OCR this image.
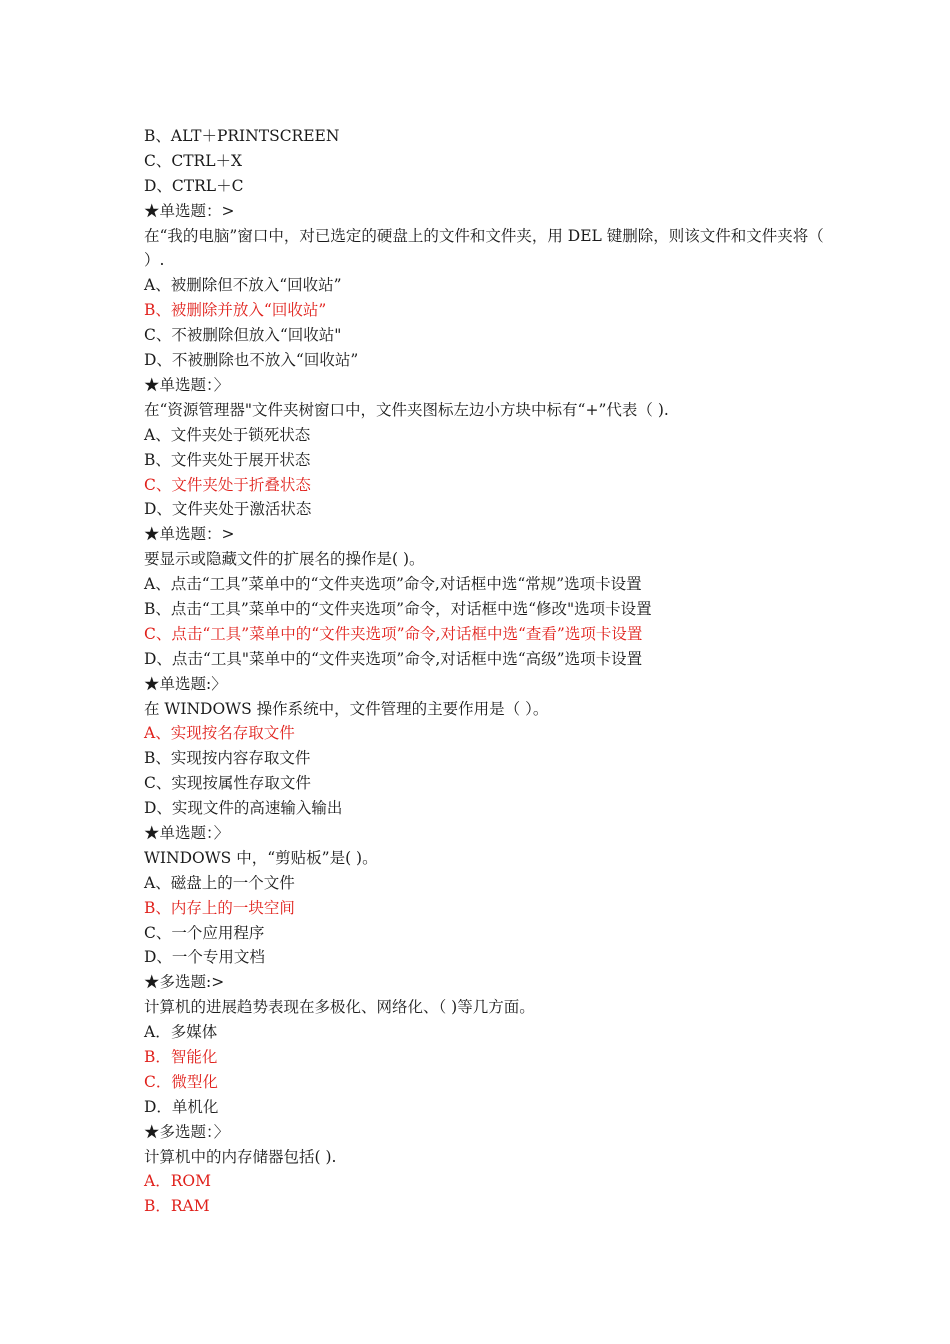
B、ALT＋PRINTSCREEN
C、CTRL＋X
D、CTRL＋C
★单选题：>
在“我的电脑”窗口中，对已选定的硬盘上的文件和文件夹，用 DEL 键删除，则该文件和文件夹将（ ）.
A、被删除但不放入“回收站”
B、被删除并放入“回收站”
C、不被删除但放入“回收站"
D、不被删除也不放入“回收站”
★单选题：〉
在“资源管理器"文件夹树窗口中，文件夹图标左边小方块中标有“+”代表（ ).
A、文件夹处于锁死状态
B、文件夹处于展开状态
C、文件夹处于折叠状态
D、文件夹处于激活状态
★单选题：>
要显示或隐藏文件的扩展名的操作是( )。
A、点击“工具”菜单中的“文件夹选项”命令,对话框中选“常规”选项卡设置
B、点击“工具”菜单中的“文件夹选项”命令，对话框中选“修改"选项卡设置
C、点击“工具”菜单中的“文件夹选项”命令,对话框中选“查看”选项卡设置
D、点击“工具"菜单中的“文件夹选项”命令,对话框中选“高级”选项卡设置
★单选题:〉
在 WINDOWS 操作系统中，文件管理的主要作用是（ ）。
A、实现按名存取文件
B、实现按内容存取文件
C、实现按属性存取文件
D、实现文件的高速输入输出
★单选题：〉
WINDOWS 中，“剪贴板”是( )。
A、磁盘上的一个文件
B、内存上的一块空间
C、一个应用程序
D、一个专用文档
★多选题:>
计算机的进展趋势表现在多极化、网络化、（ )等几方面。
A．多媒体
B．智能化
C．微型化
D．单机化
★多选题：〉
计算机中的内存储器包括( ).
A．ROM
B．RAM
